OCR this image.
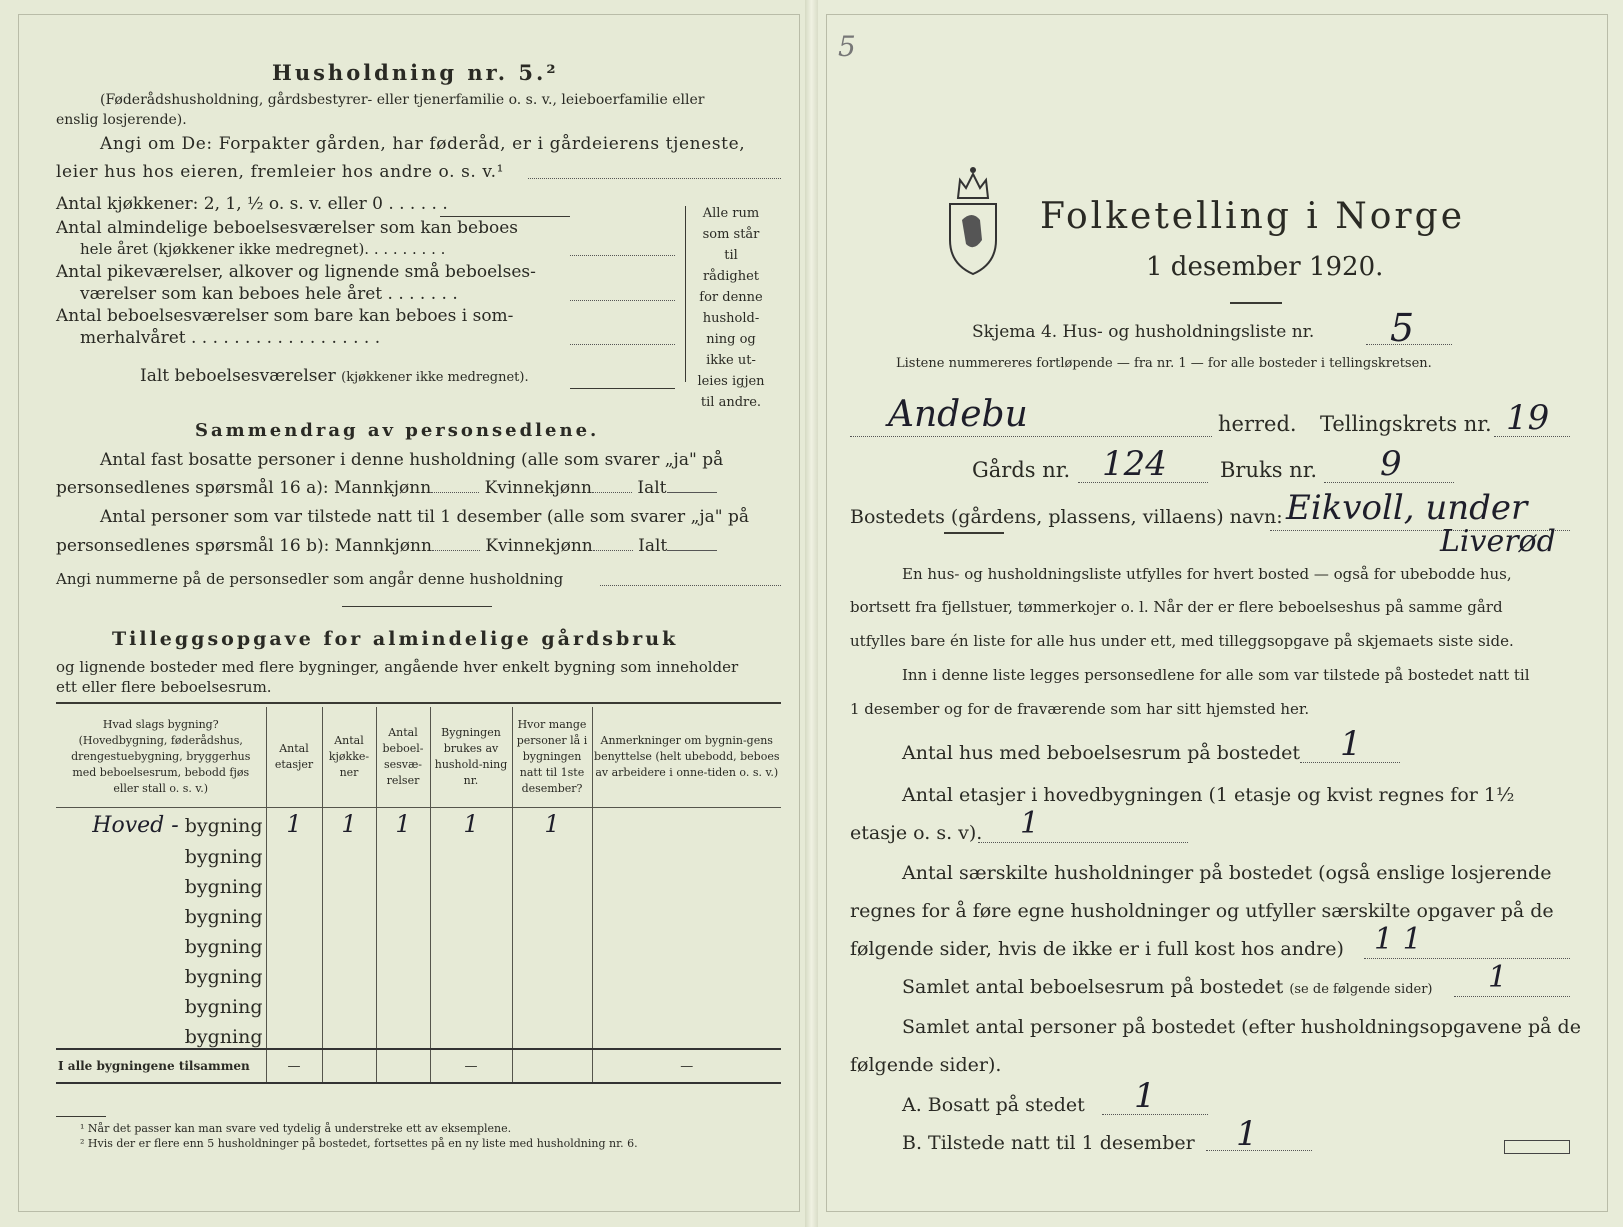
Husholdning nr. 5.²
(Føderådshusholdning, gårdsbestyrer- eller tjenerfamilie o. s. v., leieboerfamilie eller
enslig losjerende).
Angi om De: Forpakter gården, har føderåd, er i gårdeierens tjeneste,
leier hus hos eieren, fremleier hos andre o. s. v.¹
Antal kjøkkener: 2, 1, ½ o. s. v. eller 0 . . . . . .
Antal almindelige beboelsesværelser som kan beboes
hele året (kjøkkener ikke medregnet). . . . . . . . .
Antal pikeværelser, alkover og lignende små beboelses-
værelser som kan beboes hele året . . . . . . .
Antal beboelsesværelser som bare kan beboes i som-
merhalvåret . . . . . . . . . . . . . . . . . .
Ialt beboelsesværelser (kjøkkener ikke medregnet).
Alle rum
som står til
rådighet
for denne
hushold-
ning og
ikke ut-
leies igjen
til andre.
Sammendrag av personsedlene.
Antal fast bosatte personer i denne husholdning (alle som svarer „ja" på
personsedlenes spørsmål 16 a): Mannkjønn	Kvinnekjønn	Ialt
Antal personer som var tilstede natt til 1 desember (alle som svarer „ja" på
personsedlenes spørsmål 16 b): Mannkjønn	Kvinnekjønn	Ialt
Angi nummerne på de personsedler som angår denne husholdning
Tilleggsopgave for almindelige gårdsbruk
og lignende bosteder med flere bygninger, angående hver enkelt bygning som inneholder
ett eller flere beboelsesrum.
Hvad slags bygning?
(Hovedbygning, føderådshus, drengestuebygning, bryggerhus med beboelsesrum, bebodd fjøs eller stall o. s. v.)	Antal etasjer	Antal kjøkke-ner	Antal beboel-sesvæ-relser	Bygningen brukes av hushold-ning nr.	Hvor mange personer lå i bygningen natt til 1ste desember?	Anmerkninger om bygnin-gens benyttelse (helt ubebodd, beboes av arbeidere i onne-tiden o. s. v.)
Hoved - bygning	1	1	1	1	1	
bygning						
bygning						
bygning						
bygning						
bygning						
bygning						
bygning						
I alle bygningene tilsammen	—			—		—
¹ Når det passer kan man svare ved tydelig å understreke ett av eksemplene.
² Hvis der er flere enn 5 husholdninger på bostedet, fortsettes på en ny liste med husholdning nr. 6.
5
Folketelling i Norge
1 desember 1920.
Skjema 4. Hus- og husholdningsliste nr. 5
Listene nummereres fortløpende — fra nr. 1 — for alle bosteder i tellingskretsen.
Andebu	herred. Tellingskrets nr. 19
Gårds nr. 124	Bruks nr. 9
Bostedets (gårdens, plassens, villaens) navn: Eikvoll, under
Liverød
En hus- og husholdningsliste utfylles for hvert bosted — også for ubebodde hus,
bortsett fra fjellstuer, tømmerkojer o. l. Når der er flere beboelseshus på samme gård
utfylles bare én liste for alle hus under ett, med tilleggsopgave på skjemaets siste side.
Inn i denne liste legges personsedlene for alle som var tilstede på bostedet natt til
1 desember og for de fraværende som har sitt hjemsted her.
Antal hus med beboelsesrum på bostedet 1
Antal etasjer i hovedbygningen (1 etasje og kvist regnes for 1½
etasje o. s. v). 1
Antal særskilte husholdninger på bostedet (også enslige losjerende
regnes for å føre egne husholdninger og utfyller særskilte opgaver på de
følgende sider, hvis de ikke er i full kost hos andre) 1 1
Samlet antal beboelsesrum på bostedet (se de følgende sider) 1
Samlet antal personer på bostedet (efter husholdningsopgavene på de
følgende sider).
A. Bosatt på stedet 1
B. Tilstede natt til 1 desember 1
